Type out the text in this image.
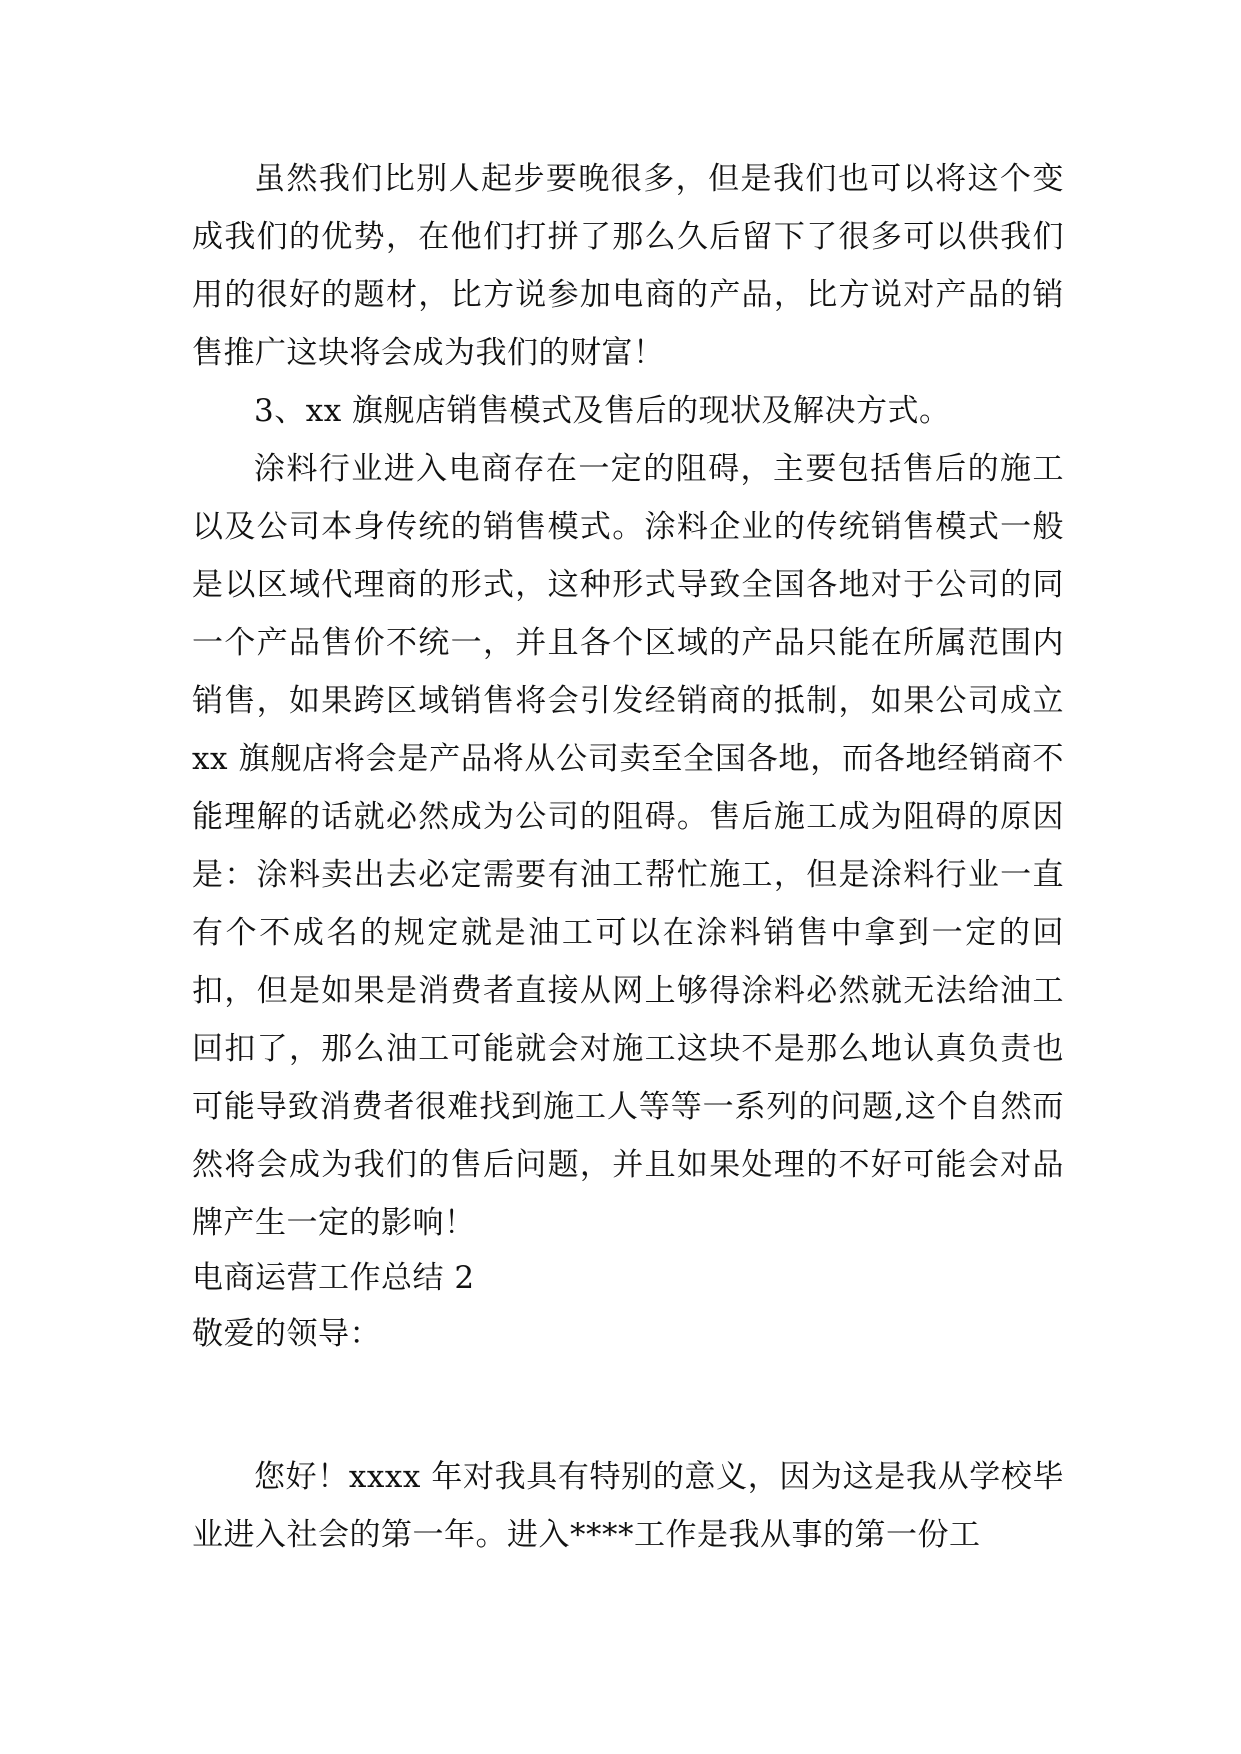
虽然我们比别人起步要晚很多，但是我们也可以将这个变成我们的优势，在他们打拼了那么久后留下了很多可以供我们用的很好的题材，比方说参加电商的产品，比方说对产品的销售推广这块将会成为我们的财富！

3、xx 旗舰店销售模式及售后的现状及解决方式。

涂料行业进入电商存在一定的阻碍，主要包括售后的施工以及公司本身传统的销售模式。涂料企业的传统销售模式一般是以区域代理商的形式，这种形式导致全国各地对于公司的同一个产品售价不统一，并且各个区域的产品只能在所属范围内销售，如果跨区域销售将会引发经销商的抵制，如果公司成立 xx 旗舰店将会是产品将从公司卖至全国各地，而各地经销商不能理解的话就必然成为公司的阻碍。售后施工成为阻碍的原因是：涂料卖出去必定需要有油工帮忙施工，但是涂料行业一直有个不成名的规定就是油工可以在涂料销售中拿到一定的回扣，但是如果是消费者直接从网上够得涂料必然就无法给油工回扣了，那么油工可能就会对施工这块不是那么地认真负责也可能导致消费者很难找到施工人等等一系列的问题,这个自然而然将会成为我们的售后问题，并且如果处理的不好可能会对品牌产生一定的影响！

电商运营工作总结 2

敬爱的领导：

您好！xxxx 年对我具有特别的意义，因为这是我从学校毕业进入社会的第一年。进入****工作是我从事的第一份工
